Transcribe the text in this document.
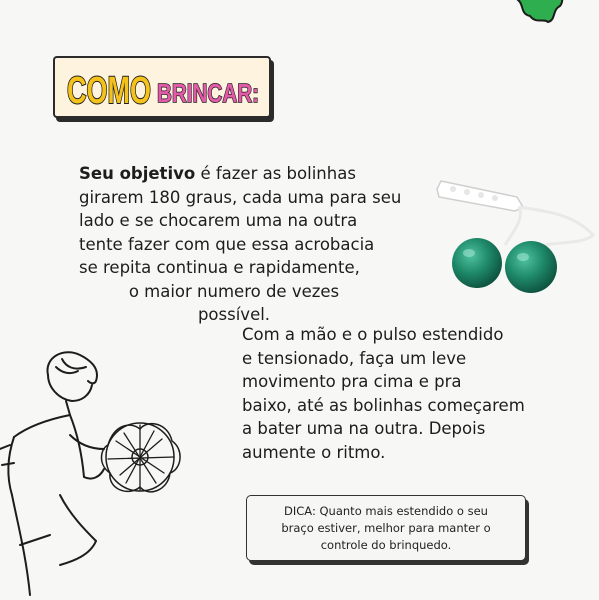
COMO BRINCAR:
Seu objetivo é fazer as bolinhas
girarem 180 graus, cada uma para seu
lado e se chocarem uma na outra
tente fazer com que essa acrobacia
se repita continua e rapidamente,
o maior numero de vezes
possível.
Com a mão e o pulso estendido
e tensionado, faça um leve
movimento pra cima e pra
baixo, até as bolinhas começarem
a bater uma na outra. Depois
aumente o ritmo.
DICA: Quanto mais estendido o seu
braço estiver, melhor para manter o
controle do brinquedo.
